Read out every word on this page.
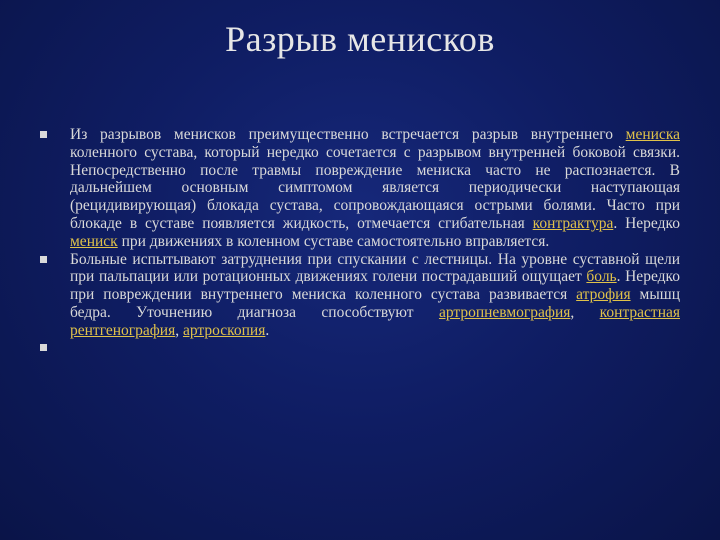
Разрыв менисков
Из разрывов менисков преимущественно встречается разрыв внутреннего мениска коленного сустава, который нередко сочетается с разрывом внутренней боковой связки. Непосредственно после травмы повреждение мениска часто не распознается. В дальнейшем основным симптомом является периодически наступающая (рецидивирующая) блокада сустава, сопровождающаяся острыми болями. Часто при блокаде в суставе появляется жидкость, отмечается сгибательная контрактура. Нередко мениск при движениях в коленном суставе самостоятельно вправляется.
Больные испытывают затруднения при спускании с лестницы. На уровне суставной щели при пальпации или ротационных движениях голени пострадавший ощущает боль. Нередко при повреждении внутреннего мениска коленного сустава развивается атрофия мышц бедра. Уточнению диагноза способствуют артропневмография, контрастная рентгенография, артроскопия.
